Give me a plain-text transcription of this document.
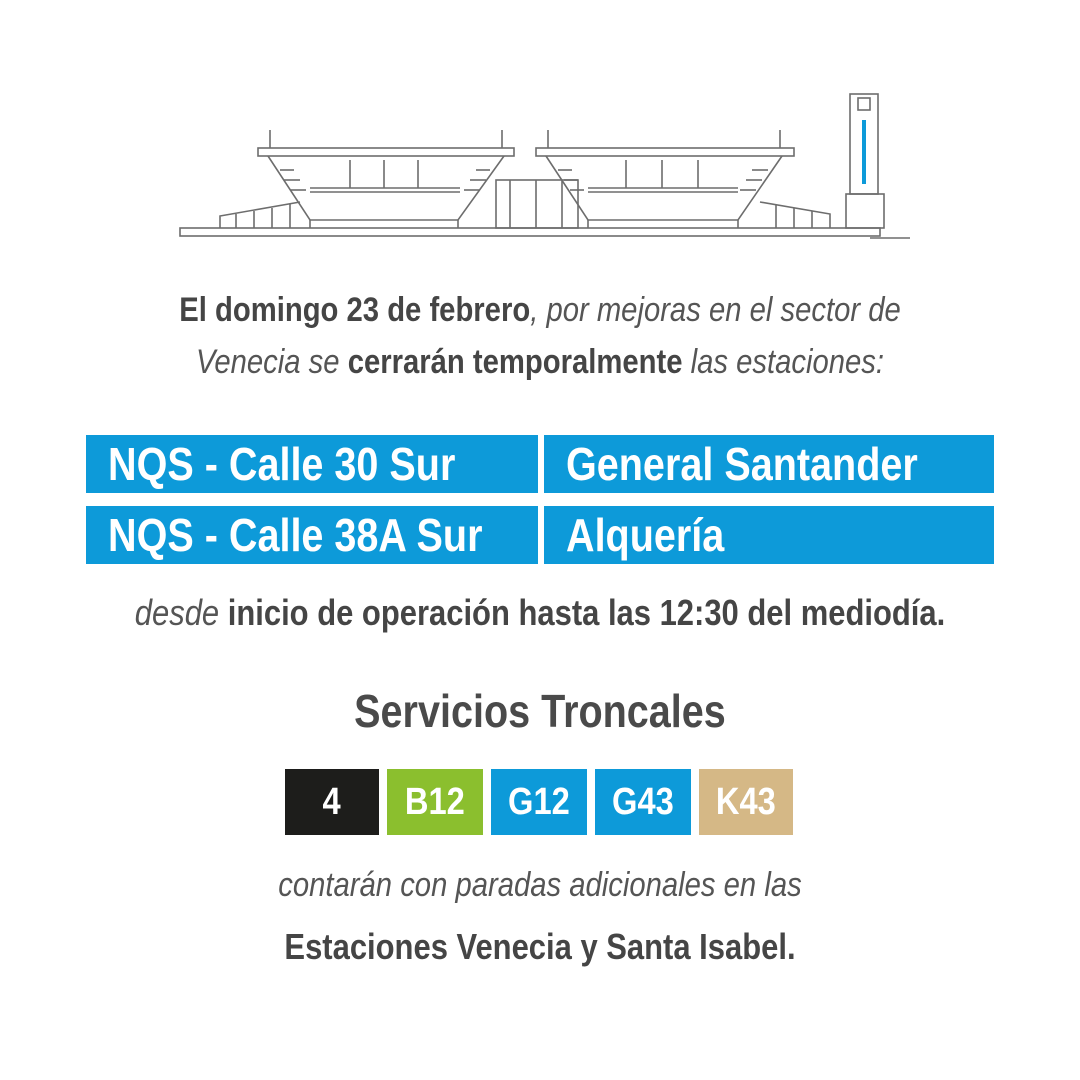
El domingo 23 de febrero, por mejoras en el sector de
Venecia se cerrarán temporalmente las estaciones:
NQS - Calle 30 Sur General Santander
NQS - Calle 38A Sur Alquería
desde inicio de operación hasta las 12:30 del mediodía.
Servicios Troncales
4 B12 G12 G43 K43
contarán con paradas adicionales en las
Estaciones Venecia y Santa Isabel.
